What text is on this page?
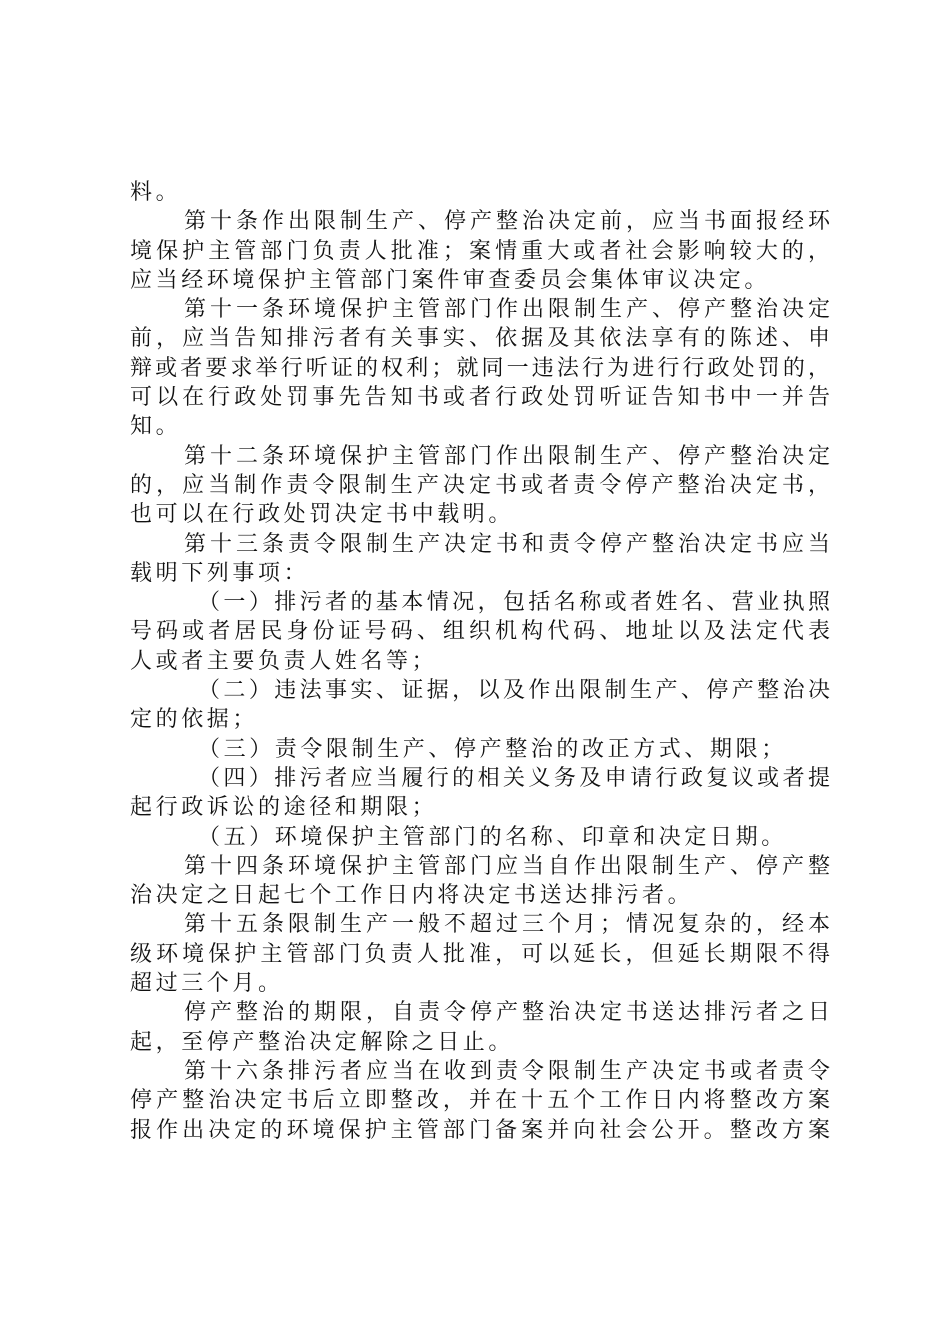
料。
第十条作出限制生产、停产整治决定前，应当书面报经环
境保护主管部门负责人批准；案情重大或者社会影响较大的，
应当经环境保护主管部门案件审查委员会集体审议决定。
第十一条环境保护主管部门作出限制生产、停产整治决定
前，应当告知排污者有关事实、依据及其依法享有的陈述、申
辩或者要求举行听证的权利；就同一违法行为进行行政处罚的，
可以在行政处罚事先告知书或者行政处罚听证告知书中一并告
知。
第十二条环境保护主管部门作出限制生产、停产整治决定
的，应当制作责令限制生产决定书或者责令停产整治决定书，
也可以在行政处罚决定书中载明。
第十三条责令限制生产决定书和责令停产整治决定书应当
载明下列事项：
（一）排污者的基本情况，包括名称或者姓名、营业执照
号码或者居民身份证号码、组织机构代码、地址以及法定代表
人或者主要负责人姓名等；
（二）违法事实、证据，以及作出限制生产、停产整治决
定的依据；
（三）责令限制生产、停产整治的改正方式、期限；
（四）排污者应当履行的相关义务及申请行政复议或者提
起行政诉讼的途径和期限；
（五）环境保护主管部门的名称、印章和决定日期。
第十四条环境保护主管部门应当自作出限制生产、停产整
治决定之日起七个工作日内将决定书送达排污者。
第十五条限制生产一般不超过三个月；情况复杂的，经本
级环境保护主管部门负责人批准，可以延长，但延长期限不得
超过三个月。
停产整治的期限，自责令停产整治决定书送达排污者之日
起，至停产整治决定解除之日止。
第十六条排污者应当在收到责令限制生产决定书或者责令
停产整治决定书后立即整改，并在十五个工作日内将整改方案
报作出决定的环境保护主管部门备案并向社会公开。整改方案
